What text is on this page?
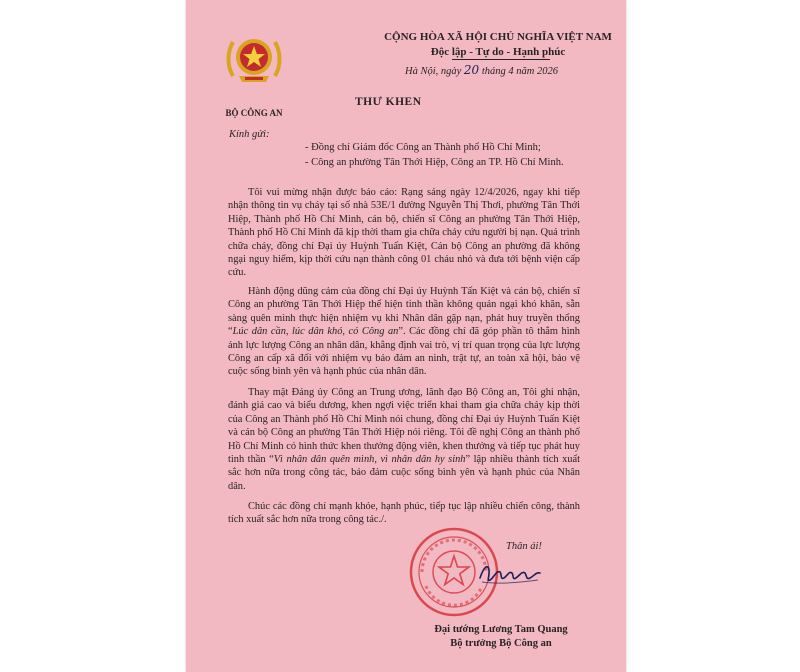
BỘ CÔNG AN
CỘNG HÒA XÃ HỘI CHỦ NGHĨA VIỆT NAM
Độc lập - Tự do - Hạnh phúc
Hà Nội, ngày 20 tháng 4 năm 2026
THƯ KHEN
Kính gửi:
- Đồng chí Giám đốc Công an Thành phố Hồ Chí Minh;
- Công an phường Tân Thới Hiệp, Công an TP. Hồ Chí Minh.
Tôi vui mừng nhận được báo cáo: Rạng sáng ngày 12/4/2026, ngay khi tiếp nhận thông tin vụ cháy tại số nhà 53E/1 đường Nguyễn Thị Thơi, phường Tân Thới Hiệp, Thành phố Hồ Chí Minh, cán bộ, chiến sĩ Công an phường Tân Thới Hiệp, Thành phố Hồ Chí Minh đã kịp thời tham gia chữa cháy cứu người bị nạn. Quá trình chữa cháy, đồng chí Đại úy Huỳnh Tuấn Kiệt, Cán bộ Công an phường đã không ngại nguy hiểm, kịp thời cứu nạn thành công 01 cháu nhỏ và đưa tới bệnh viện cấp cứu.
Hành động dũng cảm của đồng chí Đại úy Huỳnh Tấn Kiệt và cán bộ, chiến sĩ Công an phường Tân Thới Hiệp thể hiện tinh thần không quản ngại khó khăn, sẵn sàng quên mình thực hiện nhiệm vụ khi Nhân dân gặp nạn, phát huy truyền thống “Lúc dân cần, lúc dân khó, có Công an”. Các đồng chí đã góp phần tô thắm hình ảnh lực lượng Công an nhân dân, khẳng định vai trò, vị trí quan trọng của lực lượng Công an cấp xã đối với nhiệm vụ bảo đảm an ninh, trật tự, an toàn xã hội, bảo vệ cuộc sống bình yên và hạnh phúc của nhân dân.
Thay mặt Đảng ủy Công an Trung ương, lãnh đạo Bộ Công an, Tôi ghi nhận, đánh giá cao và biểu dương, khen ngợi việc triển khai tham gia chữa cháy kịp thời của Công an Thành phố Hồ Chí Minh nói chung, đồng chí Đại úy Huỳnh Tuấn Kiệt và cán bộ Công an phường Tân Thới Hiệp nói riêng. Tôi đề nghị Công an thành phố Hồ Chí Minh có hình thức khen thưởng động viên, khen thưởng và tiếp tục phát huy tinh thần “Vì nhân dân quên mình, vì nhân dân hy sinh” lập nhiều thành tích xuất sắc hơn nữa trong công tác, bảo đảm cuộc sống bình yên và hạnh phúc của Nhân dân.
Chúc các đồng chí mạnh khỏe, hạnh phúc, tiếp tục lập nhiều chiến công, thành tích xuất sắc hơn nữa trong công tác./.
Thân ái!
Đại tướng Lương Tam Quang
Bộ trưởng Bộ Công an
